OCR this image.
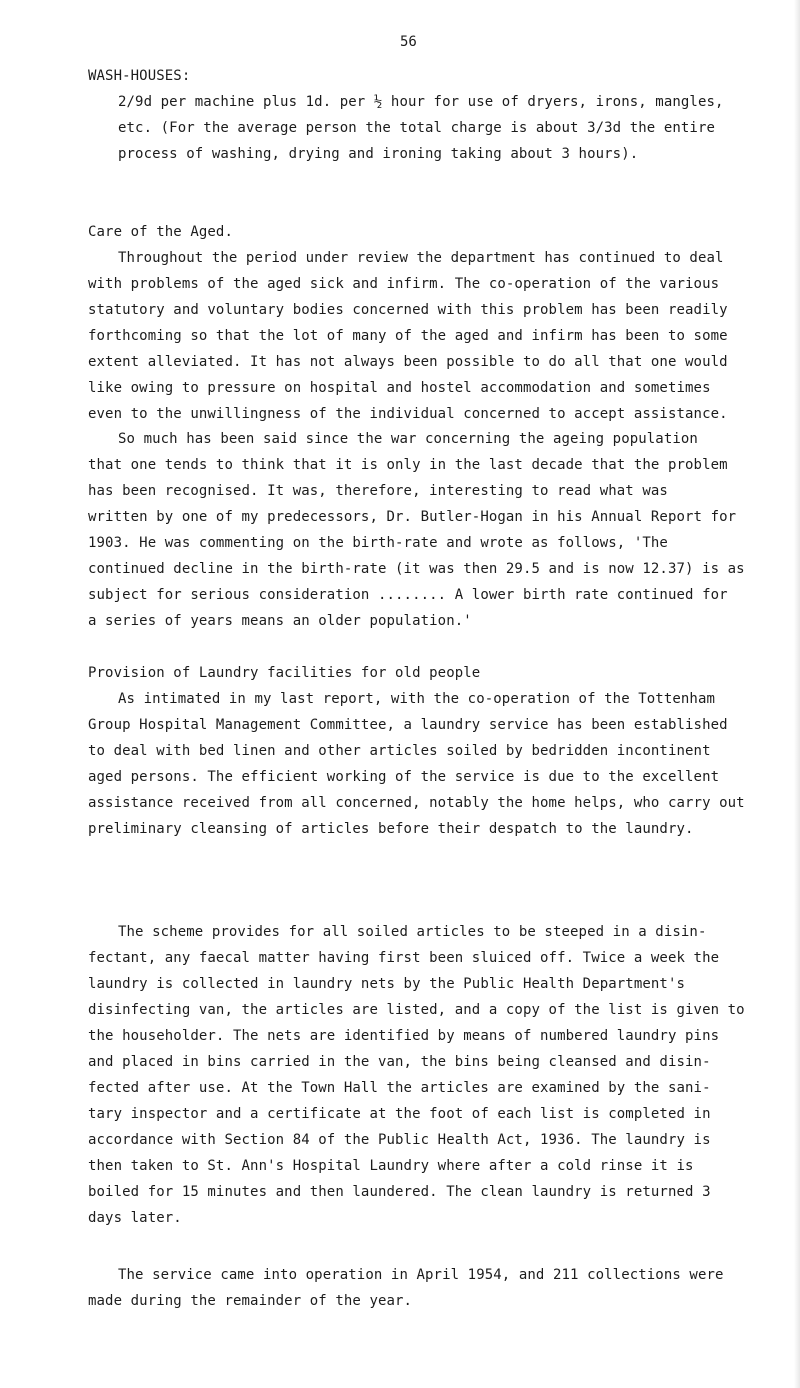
56

WASH-HOUSES:

2/9d per machine plus 1d. per ½ hour for use of dryers, irons, mangles,
etc. (For the average person the total charge is about 3/3d the entire
process of washing, drying and ironing taking about 3 hours).

Care of the Aged.

Throughout the period under review the department has continued to deal
with problems of the aged sick and infirm. The co-operation of the various
statutory and voluntary bodies concerned with this problem has been readily
forthcoming so that the lot of many of the aged and infirm has been to some
extent alleviated. It has not always been possible to do all that one would
like owing to pressure on hospital and hostel accommodation and sometimes
even to the unwillingness of the individual concerned to accept assistance.
So much has been said since the war concerning the ageing population
that one tends to think that it is only in the last decade that the problem
has been recognised. It was, therefore, interesting to read what was
written by one of my predecessors, Dr. Butler-Hogan in his Annual Report for
1903. He was commenting on the birth-rate and wrote as follows, 'The
continued decline in the birth-rate (it was then 29.5 and is now 12.37) is as
subject for serious consideration ........ A lower birth rate continued for
a series of years means an older population.'

Provision of Laundry facilities for old people

As intimated in my last report, with the co-operation of the Tottenham
Group Hospital Management Committee, a laundry service has been established
to deal with bed linen and other articles soiled by bedridden incontinent
aged persons. The efficient working of the service is due to the excellent
assistance received from all concerned, notably the home helps, who carry out
preliminary cleansing of articles before their despatch to the laundry.
The scheme provides for all soiled articles to be steeped in a disin-
fectant, any faecal matter having first been sluiced off. Twice a week the
laundry is collected in laundry nets by the Public Health Department's
disinfecting van, the articles are listed, and a copy of the list is given to
the householder. The nets are identified by means of numbered laundry pins
and placed in bins carried in the van, the bins being cleansed and disin-
fected after use. At the Town Hall the articles are examined by the sani-
tary inspector and a certificate at the foot of each list is completed in
accordance with Section 84 of the Public Health Act, 1936. The laundry is
then taken to St. Ann's Hospital Laundry where after a cold rinse it is
boiled for 15 minutes and then laundered. The clean laundry is returned 3
days later.
The service came into operation in April 1954, and 211 collections were
made during the remainder of the year.
